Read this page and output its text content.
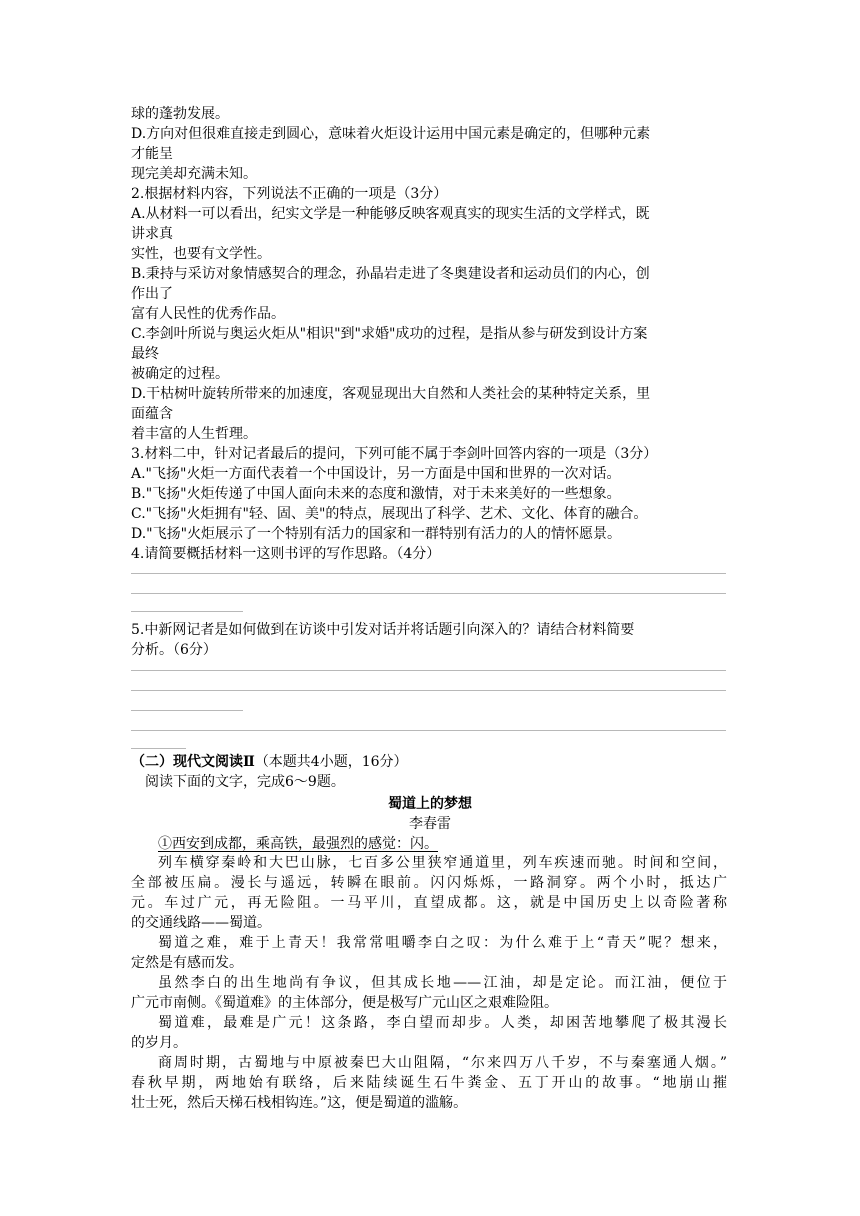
球的蓬勃发展。
D.方向对但很难直接走到圆心，意味着火炬设计运用中国元素是确定的，但哪种元素
才能呈
现完美却充满未知。
2.根据材料内容，下列说法不正确的一项是（3分）
A.从材料一可以看出，纪实文学是一种能够反映客观真实的现实生活的文学样式，既
讲求真
实性，也要有文学性。
B.秉持与采访对象情感契合的理念，孙晶岩走进了冬奥建设者和运动员们的内心，创
作出了
富有人民性的优秀作品。
C.李剑叶所说与奥运火炬从"相识"到"求婚"成功的过程，是指从参与研发到设计方案
最终
被确定的过程。
D.干枯树叶旋转所带来的加速度，客观显现出大自然和人类社会的某种特定关系，里
面蕴含
着丰富的人生哲理。
3.材料二中，针对记者最后的提问，下列可能不属于李剑叶回答内容的一项是（3分）
A."飞扬"火炬一方面代表着一个中国设计，另一方面是中国和世界的一次对话。
B."飞扬"火炬传递了中国人面向未来的态度和激情，对于未来美好的一些想象。
C."飞扬"火炬拥有"轻、固、美"的特点，展现出了科学、艺术、文化、体育的融合。
D."飞扬"火炬展示了一个特别有活力的国家和一群特别有活力的人的情怀愿景。
4.请简要概括材料一这则书评的写作思路。（4分）
5.中新网记者是如何做到在访谈中引发对话并将话题引向深入的？请结合材料简要
分析。（6分）
（二）现代文阅读Ⅱ（本题共4小题，16分）
阅读下面的文字，完成6～9题。
蜀道上的梦想
李春雷
①西安到成都，乘高铁，最强烈的感觉：闪。
列车横穿秦岭和大巴山脉，七百多公里狭窄通道里，列车疾速而驰。时间和空间，
全部被压扁。漫长与遥远，转瞬在眼前。闪闪烁烁，一路洞穿。两个小时，抵达广
元。车过广元，再无险阻。一马平川，直望成都。这，就是中国历史上以奇险著称
的交通线路——蜀道。
蜀道之难，难于上青天！我常常咀嚼李白之叹：为什么难于上“青天”呢？想来，
定然是有感而发。
虽然李白的出生地尚有争议，但其成长地——江油，却是定论。而江油，便位于
广元市南侧。《蜀道难》的主体部分，便是极写广元山区之艰难险阻。
蜀道难，最难是广元！这条路，李白望而却步。人类，却困苦地攀爬了极其漫长
的岁月。
商周时期，古蜀地与中原被秦巴大山阻隔，“尔来四万八千岁，不与秦塞通人烟。”
春秋早期，两地始有联络，后来陆续诞生石牛粪金、五丁开山的故事。“地崩山摧
壮士死，然后天梯石栈相钩连。”这，便是蜀道的滥觞。
